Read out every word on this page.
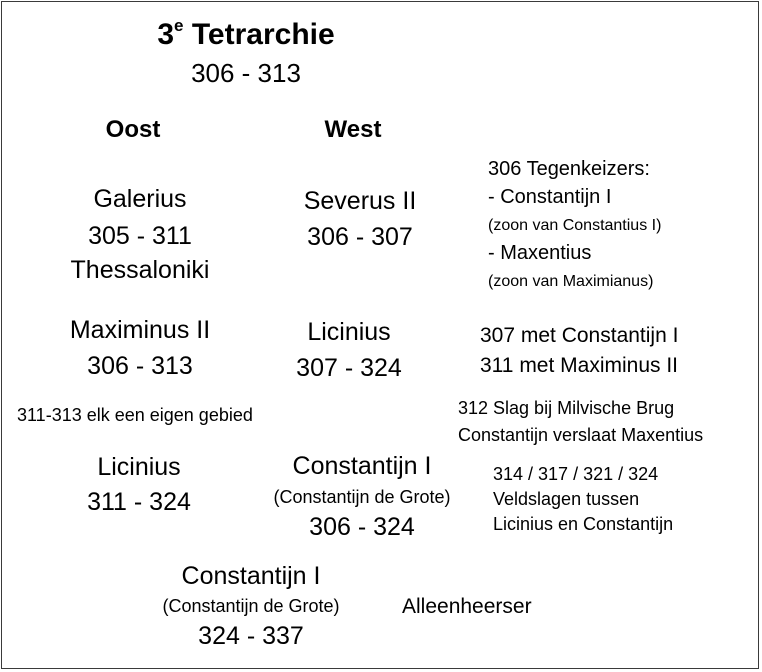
3e Tetrarchie
306 - 313
Oost	West
Galerius
305 - 311
Thessaloniki
Severus II
306 - 307
Maximinus II
306 - 313
Licinius
307 - 324
311-313 elk een eigen gebied
Licinius
311 - 324
Constantijn I
(Constantijn de Grote)
306 - 324
Constantijn I
(Constantijn de Grote)
324 - 337
Alleenheerser
306 Tegenkeizers:
- Constantijn I
(zoon van Constantius I)
- Maxentius
(zoon van Maximianus)
307 met Constantijn I
311 met Maximinus II
312 Slag bij Milvische Brug
Constantijn verslaat Maxentius
314 / 317 / 321 / 324
Veldslagen tussen
Licinius en Constantijn
